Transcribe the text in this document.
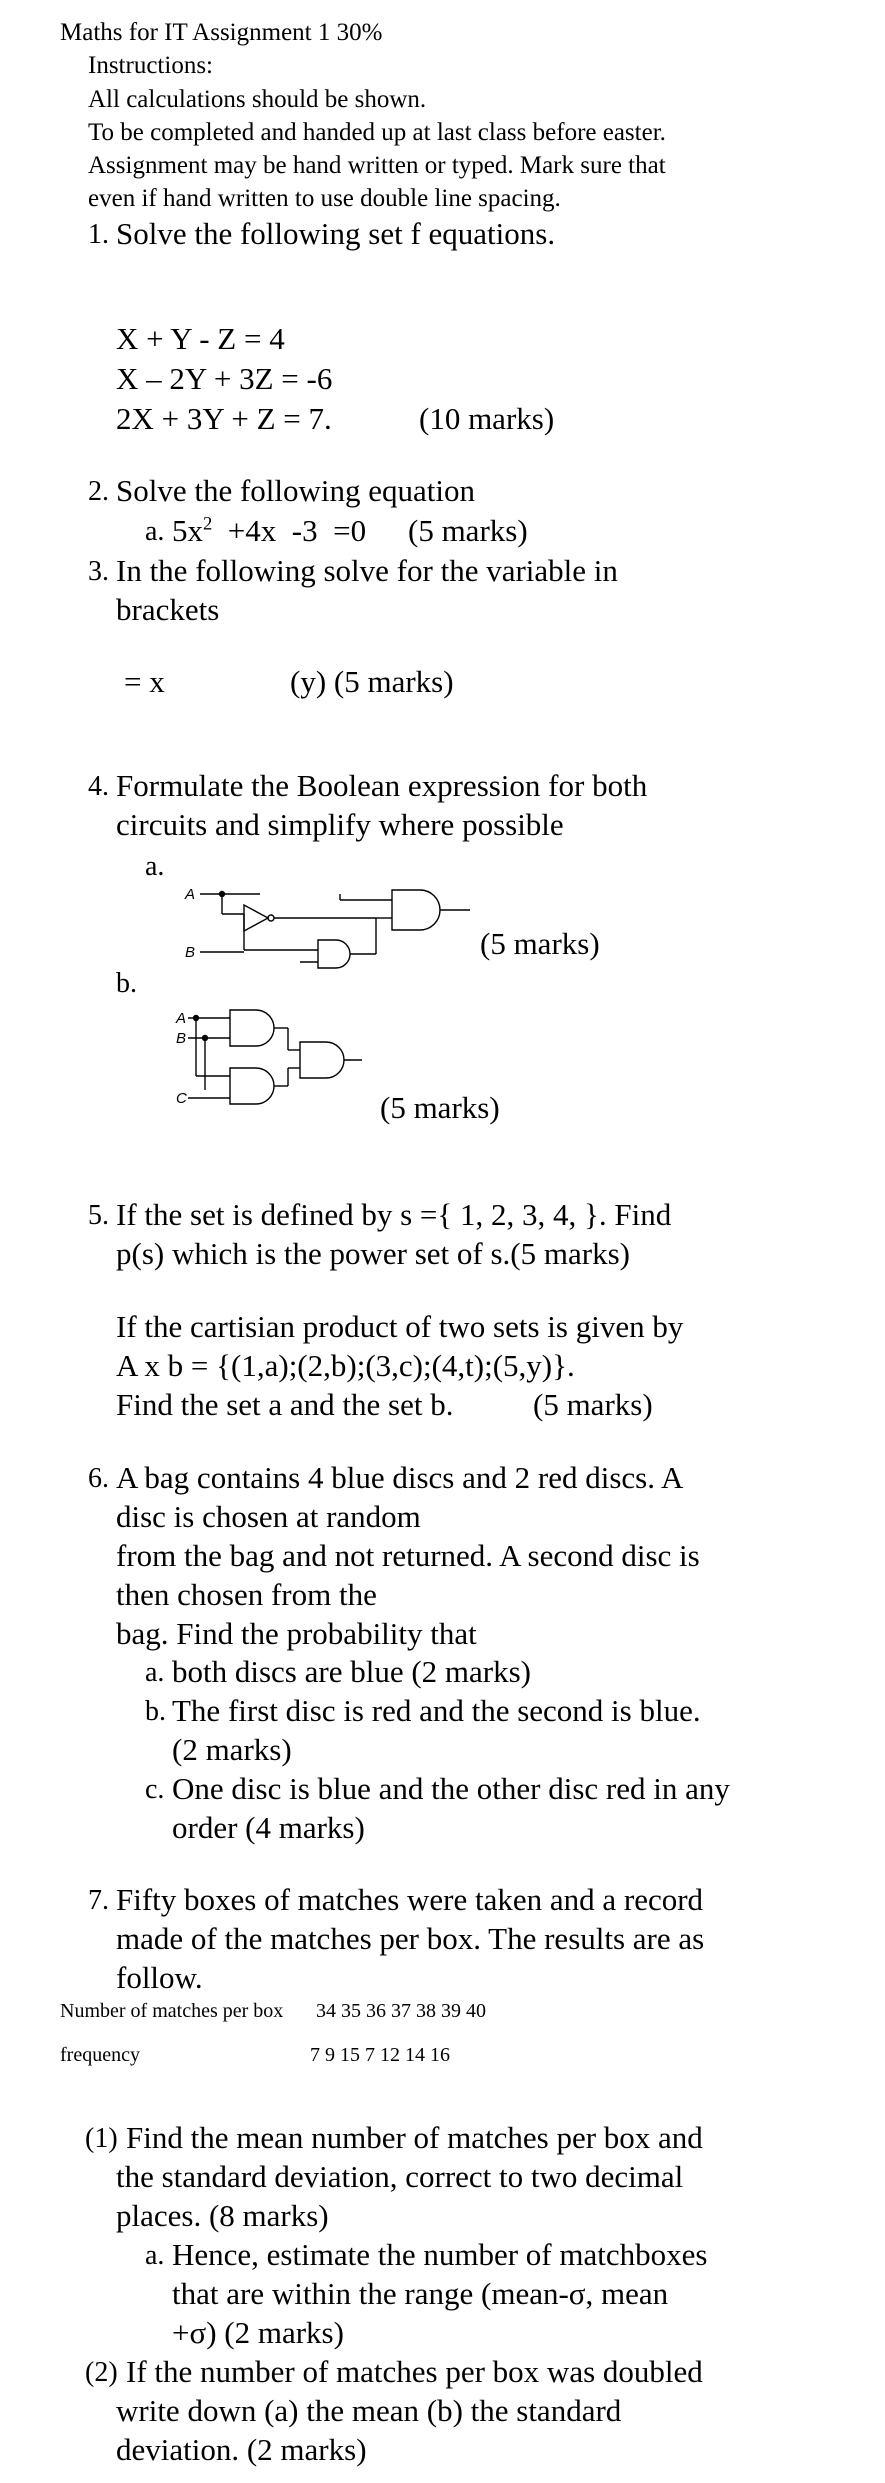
Maths for IT Assignment 1 30%
Instructions:
All calculations should be shown.
To be completed and handed up at last class before easter.
Assignment may be hand written or typed. Mark sure that
even if hand written to use double line spacing.
1. Solve the following set f equations.
X + Y - Z = 4
X – 2Y + 3Z = -6
2X + 3Y + Z = 7.	(10 marks)
2. Solve the following equation
a. $5x^2 +4x$  -3  =0 (5 marks)
3. In the following solve for the variable in
brackets
= x	(y) (5 marks)
4. Formulate the Boolean expression for both
circuits and simplify where possible
a.
A
B	(5 marks)
b.
A
B
C	(5 marks)
5. If the set is defined by s ={ 1, 2, 3, 4, }. Find
p(s) which is the power set of s.(5 marks)
If the cartisian product of two sets is given by
A x b = {(1,a);(2,b);(3,c);(4,t);(5,y)}.
Find the set a and the set b.	(5 marks)
6. A bag contains 4 blue discs and 2 red discs. A
disc is chosen at random
from the bag and not returned. A second disc is
then chosen from the
bag. Find the probability that
a. both discs are blue (2 marks)
b. The first disc is red and the second is blue.
(2 marks)
c. One disc is blue and the other disc red in any
order (4 marks)
7. Fifty boxes of matches were taken and a record
made of the matches per box. The results are as
follow.
Number of matches per box 34 35 36 37 38 39 40
frequency	7 9 15 7 12 14 16
(1) Find the mean number of matches per box and
the standard deviation, correct to two decimal
places. (8 marks)
a. Hence, estimate the number of matchboxes
that are within the range (mean-σ, mean
+σ) (2 marks)
(2) If the number of matches per box was doubled
write down (a) the mean (b) the standard
deviation. (2 marks)
